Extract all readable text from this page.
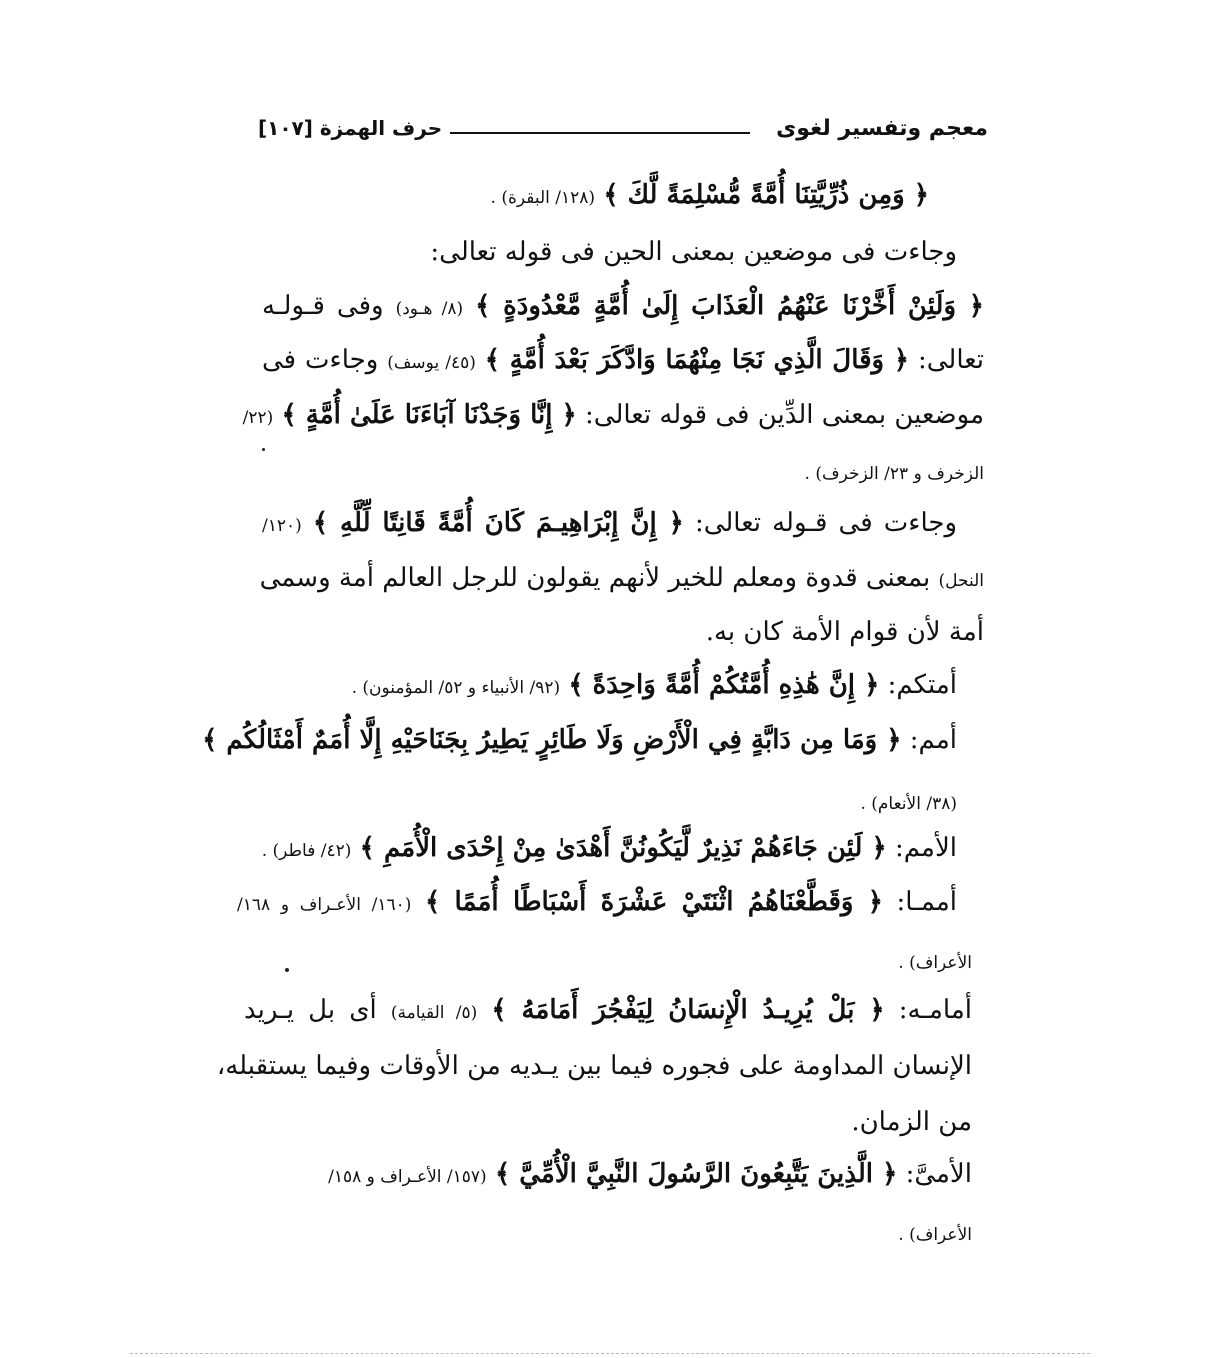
معجم وتفسير لغوى
حرف الهمزة [١٠٧]
﴿ وَمِن ذُرِّيَّتِنَا أُمَّةً مُّسْلِمَةً لَّكَ ﴾ (١٢٨/ البقرة) .
وجاءت فى موضعين بمعنى الحين فى قوله تعالى:
﴿ وَلَئِنْ أَخَّرْنَا عَنْهُمُ الْعَذَابَ إِلَىٰ أُمَّةٍ مَّعْدُودَةٍ ﴾ (٨/ هـود) وفى قـولـه
تعالى: ﴿ وَقَالَ الَّذِي نَجَا مِنْهُمَا وَادَّكَرَ بَعْدَ أُمَّةٍ ﴾ (٤٥/ يوسف) وجاءت فى
موضعين بمعنى الدِّين فى قوله تعالى: ﴿ إِنَّا وَجَدْنَا آبَاءَنَا عَلَىٰ أُمَّةٍ ﴾ (٢٢/
الزخرف و ٢٣/ الزخرف) .
وجاءت فى قـوله تعالى: ﴿ إِنَّ إِبْرَاهِيـمَ كَانَ أُمَّةً قَانِتًا لِّلَّهِ ﴾ (١٢٠/
النحل) بمعنى قدوة ومعلم للخير لأنهم يقولون للرجل العالم أمة وسمى
أمة لأن قوام الأمة كان به.
أمتكم: ﴿ إِنَّ هَٰذِهِ أُمَّتُكُمْ أُمَّةً وَاحِدَةً ﴾ (٩٢/ الأنبياء و ٥٢/ المؤمنون) .
أمم: ﴿ وَمَا مِن دَابَّةٍ فِي الْأَرْضِ وَلَا طَائِرٍ يَطِيرُ بِجَنَاحَيْهِ إِلَّا أُمَمٌ أَمْثَالُكُم ﴾
(٣٨/ الأنعام) .
الأمم: ﴿ لَئِن جَاءَهُمْ نَذِيرٌ لَّيَكُونُنَّ أَهْدَىٰ مِنْ إِحْدَى الْأُمَمِ ﴾ (٤٢/ فاطر) .
أممـا: ﴿ وَقَطَّعْنَاهُمُ اثْنَتَيْ عَشْرَةَ أَسْبَاطًا أُمَمًا ﴾ (١٦٠/ الأعـراف و ١٦٨/
الأعراف) .
أمامـه: ﴿ بَلْ يُرِيـدُ الْإِنسَانُ لِيَفْجُرَ أَمَامَهُ ﴾ (٥/ القيامة) أى بل يـريد
الإنسان المداومة على فجوره فيما بين يـديه من الأوقات وفيما يستقبله،
من الزمان.
الأمىَّ: ﴿ الَّذِينَ يَتَّبِعُونَ الرَّسُولَ النَّبِيَّ الْأُمِّيَّ ﴾ (١٥٧/ الأعـراف و ١٥٨/
الأعراف) .
